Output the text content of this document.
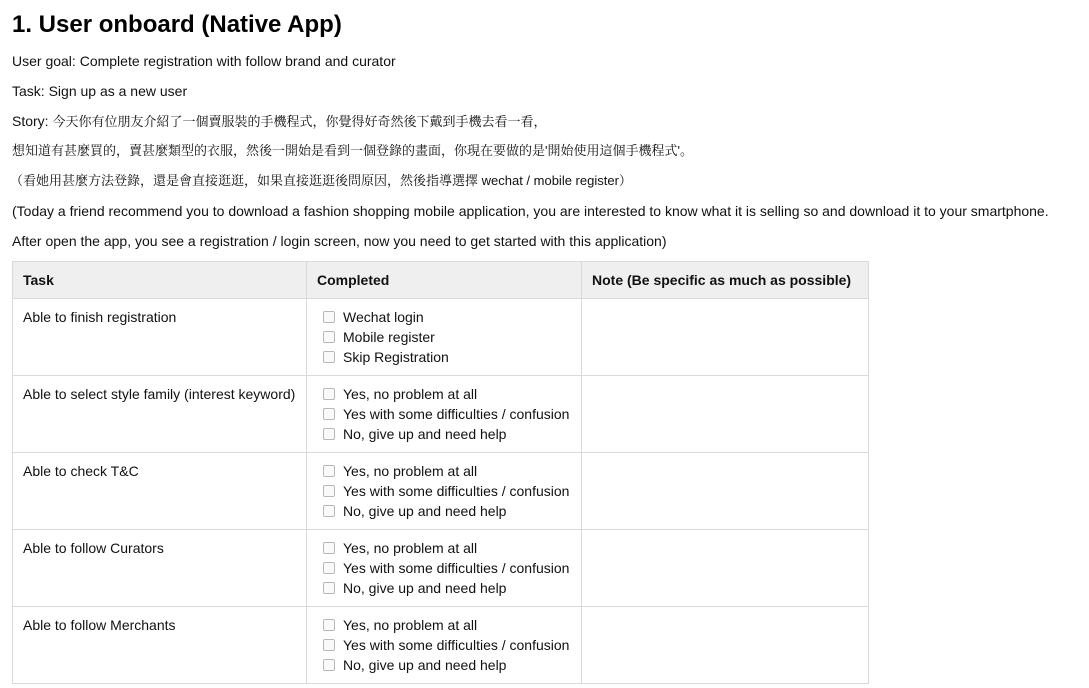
1. User onboard (Native App)

User goal: Complete registration with follow brand and curator

Task: Sign up as a new user

Story: 今天你有位朋友介紹了一個賣服裝的手機程式，你覺得好奇然後下戴到手機去看一看，

想知道有甚麼買的，賣甚麼類型的衣服，然後一開始是看到一個登錄的畫面，你現在要做的是'開始使用這個手機程式'。

（看她用甚麼方法登錄，還是會直接逛逛，如果直接逛逛後問原因，然後指導選擇 wechat / mobile register）

(Today a friend recommend you to download a fashion shopping mobile application, you are interested to know what it is selling so and download it to your smartphone.

After open the app, you see a registration / login screen, now you need to get started with this application)

Task	Completed	Note (Be specific as much as possible)
Able to finish registration	Wechat login
Mobile register
Skip Registration	

Able to select style family (interest keyword)	Yes, no problem at all
Yes with some difficulties / confusion
No, give up and need help	

Able to check T&C	Yes, no problem at all
Yes with some difficulties / confusion
No, give up and need help	

Able to follow Curators	Yes, no problem at all
Yes with some difficulties / confusion
No, give up and need help	

Able to follow Merchants	Yes, no problem at all
Yes with some difficulties / confusion
No, give up and need help	
